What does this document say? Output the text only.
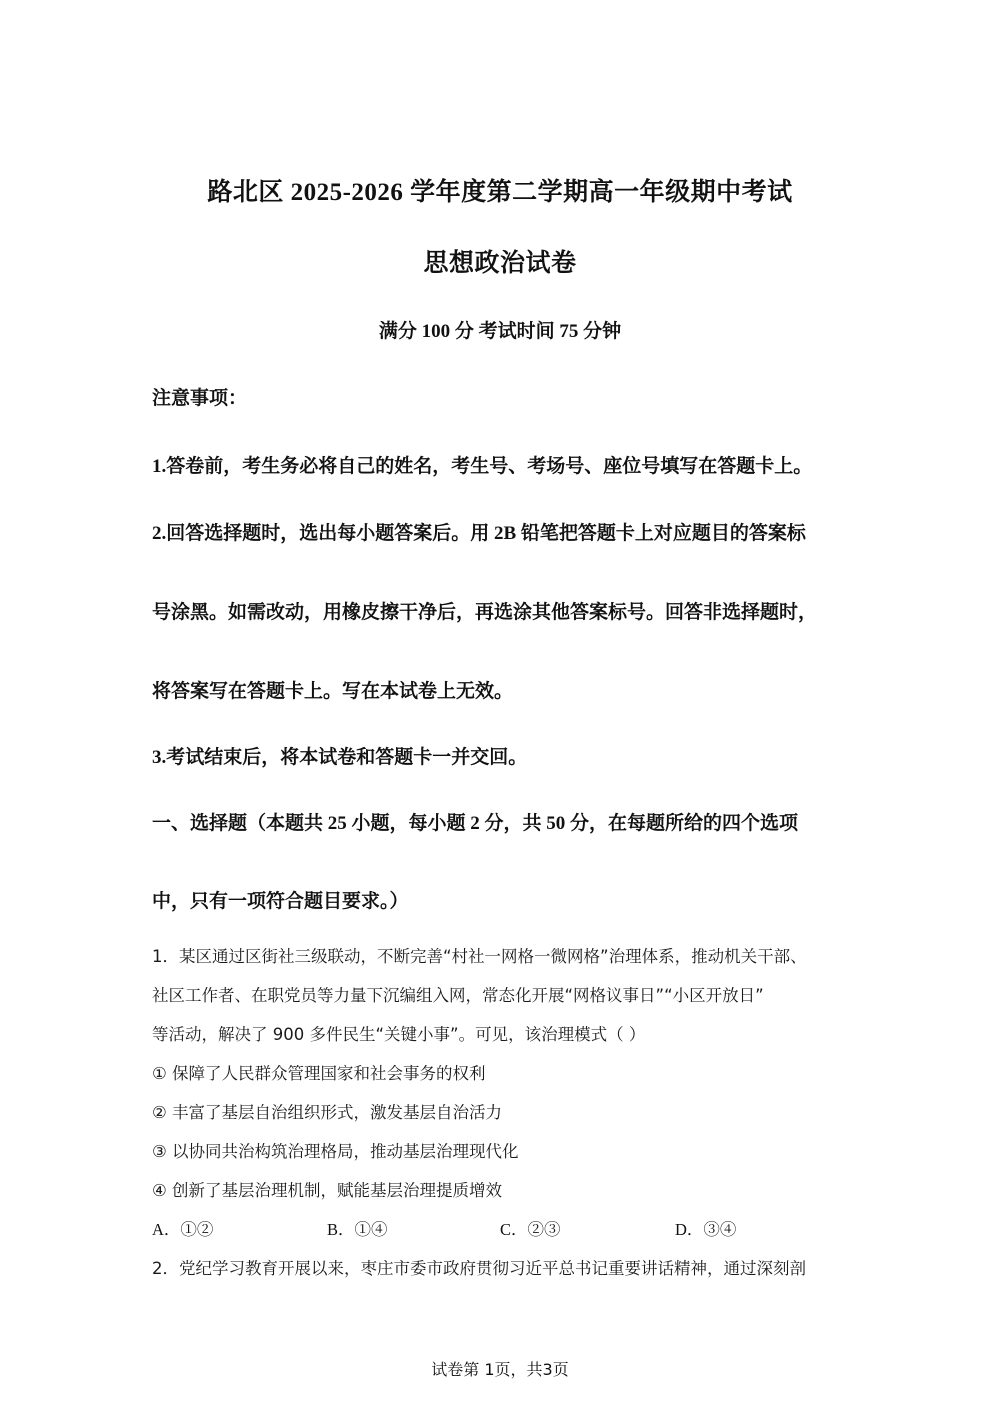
路北区 2025-2026 学年度第二学期高一年级期中考试
思想政治试卷
满分 100 分 考试时间 75 分钟
注意事项：
1.答卷前，考生务必将自己的姓名，考生号、考场号、座位号填写在答题卡上。
2.回答选择题时，选出每小题答案后。用 2B 铅笔把答题卡上对应题目的答案标
号涂黑。如需改动，用橡皮擦干净后，再选涂其他答案标号。回答非选择题时，
将答案写在答题卡上。写在本试卷上无效。
3.考试结束后，将本试卷和答题卡一并交回。
一、选择题（本题共 25 小题，每小题 2 分，共 50 分，在每题所给的四个选项
中，只有一项符合题目要求。）
1．某区通过区街社三级联动，不断完善“村社一网格一微网格”治理体系，推动机关干部、
社区工作者、在职党员等力量下沉编组入网，常态化开展“网格议事日”“小区开放日”
等活动，解决了 900 多件民生“关键小事”。可见，该治理模式（ ）
① 保障了人民群众管理国家和社会事务的权利
② 丰富了基层自治组织形式，激发基层自治活力
③ 以协同共治构筑治理格局，推动基层治理现代化
④ 创新了基层治理机制，赋能基层治理提质增效
A．①②	B．①④	C．②③	D．③④
2．党纪学习教育开展以来，枣庄市委市政府贯彻习近平总书记重要讲话精神，通过深刻剖
试卷第 1页，共3页
